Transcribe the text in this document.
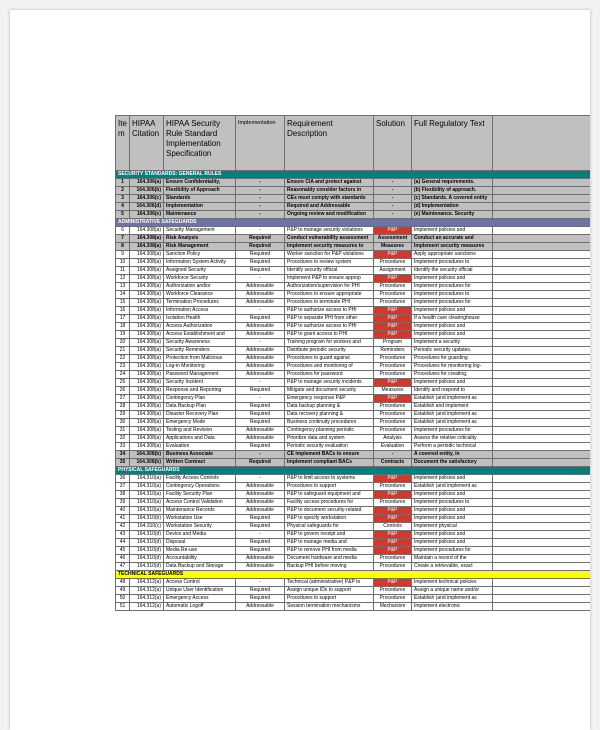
Ite m	HIPAA Citation	HIPAA Security Rule Standard Implementation Specification	Implementation	Requirement Description	Solution	Full Regulatory Text	
SECURITY STANDARDS: GENERAL RULES							
1	164.306(a)	Ensure Confidentiality,	-	Ensure CIA and protect against	-	(a) General requirements.	
2	164.306(b)	Flexibility of Approach	-	Reasonably consider factors in	-	(b) Flexibility of approach.	
3	164.306(c)	Standards	-	CEs must comply with standards	-	(c) Standards. A covered entity	
4	164.306(d)	Implementation	-	Required and Addressable	-	(d) Implementation	
5	164.306(e)	Maintenance	-	Ongoing review and modification	-	(e) Maintenance. Security	
ADMINISTRATIVE SAFEGUARDS							
6	164.308(a)	Security Management	-	P&P to manage security violations	P&P	Implement policies and	
7	164.308(a)	Risk Analysis	Required	Conduct vulnerability assessment	Assessment	Conduct an accurate and	
8	164.308(a)	Risk Management	Required	Implement security measures to	Measures	Implement security measures	
9	164.308(a)	Sanction Policy	Required	Worker sanction for P&P violations	P&P	Apply appropriate sanctions	
10	164.308(a)	Information System Activity	Required	Procedures to review system	Procedures	Implement procedures to	
11	164.308(a)	Assigned Security	Required	Identify security official	Assignment	Identify the security official	
12	164.308(a)	Workforce Security	-	Implement P&P to ensure approp	P&P	Implement policies and	
13	164.308(a)	Authorization and/or	Addressable	Authorization/supervision for PHI	Procedures	Implement procedures for	
14	164.308(a)	Workforce Clearance	Addressable	Procedures to ensure appropriate	Procedures	Implement procedures to	
15	164.308(a)	Termination Procedures	Addressable	Procedures to terminate PHI	Procedures	Implement procedures for	
16	164.308(a)	Information Access	-	P&P to authorize access to PHI	P&P	Implement policies and	
17	164.308(a)	Isolation Health	Required	P&P to separate PHI from other	P&P	If a health care clearinghouse	
18	164.308(a)	Access Authorization	Addressable	P&P to authorize access to PHI	P&P	Implement policies and	
19	164.308(a)	Access Establishment and	Addressable	P&P to grant access to PHI	P&P	Implement policies and	
20	164.308(a)	Security Awareness	-	Training program for workers and	Program	Implement a security	
21	164.308(a)	Security Reminders	Addressable	Distribute periodic security	Reminders	Periodic security updates.	
22	164.308(a)	Protection from Malicious	Addressable	Procedures to guard against	Procedures	Procedures for guarding	
23	164.308(a)	Log-in Monitoring	Addressable	Procedures and monitoring of	Procedures	Procedures for monitoring log-	
24	164.308(a)	Password Management	Addressable	Procedures for password	Procedures	Procedures for creating,	
25	164.308(a)	Security Incident	-	P&P to manage security incidents	P&P	Implement policies and	
26	164.308(a)	Response and Reporting	Required	Mitigate and document security	Measures	Identify and respond to	
27	164.308(a)	Contingency Plan	-	Emergency response P&P	P&P	Establish (and implement as	
28	164.308(a)	Data Backup Plan	Required	Data backup planning &	Procedures	Establish and implement	
29	164.308(a)	Disaster Recovery Plan	Required	Data recovery planning &	Procedures	Establish (and implement as	
30	164.308(a)	Emergency Mode	Required	Business continuity procedures	Procedures	Establish (and implement as	
31	164.308(a)	Testing and Revision	Addressable	Contingency planning periodic	Procedures	Implement procedures for	
32	164.308(a)	Applications and Data	Addressable	Prioritize data and system	Analysis	Assess the relative criticality	
33	164.308(a)	Evaluation	Required	Periodic security evaluation	Evaluation	Perform a periodic technical	
34	164.308(b)	Business Associate	-	CE implement BACs to ensure	-	A covered entity, in	
35	164.308(b)	Written Contract	Required	Implement compliant BACs	Contracts	Document the satisfactory	
PHYSICAL SAFEGUARDS							
36	164.310(a)	Facility Access Controls	-	P&P to limit access to systems	P&P	Implement policies and	
37	164.310(a)	Contingency Operations	Addressable	Procedures to support	Procedures	Establish (and implement as	
38	164.310(a)	Facility Security Plan	Addressable	P&P to safeguard equipment and	P&P	Implement policies and	
39	164.310(a)	Access Control Validation	Addressable	Facility access procedures for	Procedures	Implement procedures to	
40	164.310(a)	Maintenance Records	Addressable	P&P to document security-related	P&P	Implement policies and	
41	164.310(b)	Workstation Use	Required	P&P to specify workstation	P&P	Implement policies and	
42	164.310(c)	Workstation Security	Required	Physical safeguards for	Controls	Implement physical	
43	164.310(d)	Device and Media	-	P&P to govern receipt and	P&P	Implement policies and	
44	164.310(d)	Disposal	Required	P&P to manage media and	P&P	Implement policies and	
45	164.310(d)	Media Re-use	Required	P&P to remove PHI from media	P&P	Implement procedures for	
46	164.310(d)	Accountability	Addressable	Document hardware and media	Procedures	Maintain a record of the	
47	164.310(d)	Data Backup and Storage	Addressable	Backup PHI before moving	Procedures	Create a retrievable, exact	
TECHNICAL SAFEGUARDS							
48	164.312(a)	Access Control	-	Technical (administrative) P&P to	P&P	Implement technical policies	
49	164.312(a)	Unique User Identification	Required	Assign unique IDs to support	Procedures	Assign a unique name and/or	
50	164.312(a)	Emergency Access	Required	Procedures to support	Procedures	Establish (and implement as	
51	164.312(a)	Automatic Logoff	Addressable	Session termination mechanisms	Mechanism	Implement electronic	
